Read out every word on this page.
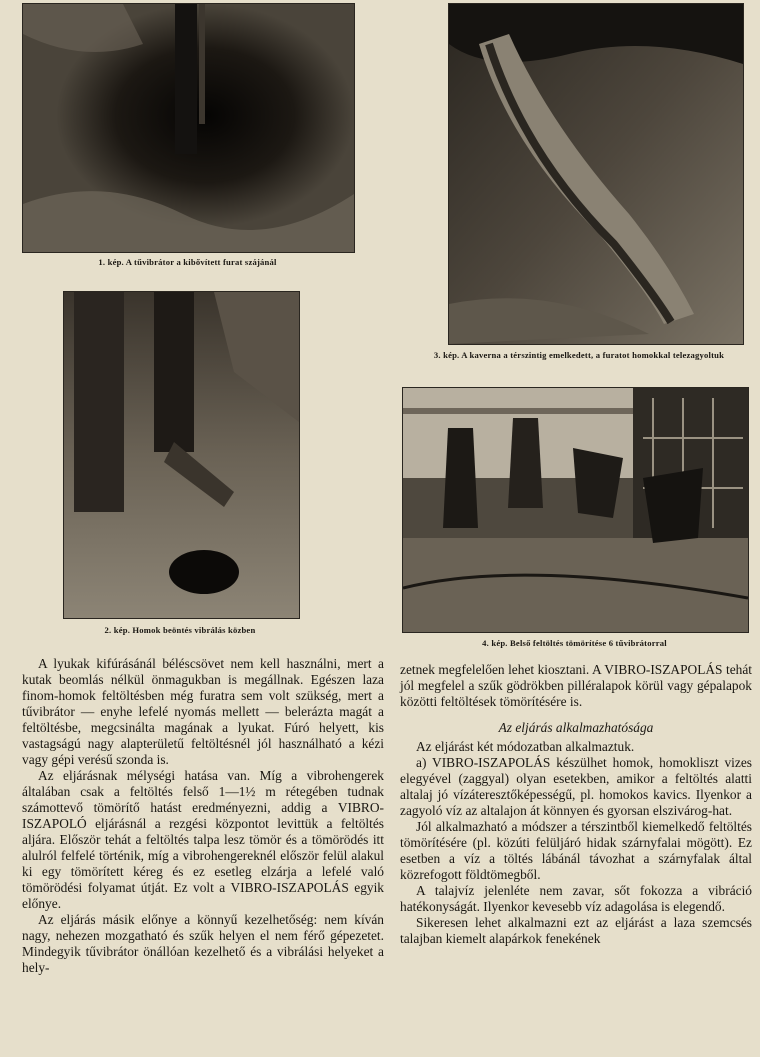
1. kép. A tűvibrátor a kibővített furat szájánál
3. kép. A kaverna a térszintig emelkedett, a furatot homokkal telezagyoltuk
2. kép. Homok beöntés vibrálás közben
4. kép. Belső feltöltés tömörítése 6 tűvibrátorral

A lyukak kifúrásánál béléscsövet nem kell használni, mert a kutak beomlás nélkül önmagukban is megállnak. Egészen laza finom-homok feltöltésben még furatra sem volt szükség, mert a tűvibrátor — enyhe lefelé nyomás mellett — belerázta magát a feltöltésbe, megcsinálta magának a lyukat. Fúró helyett, kis vastagságú nagy alapterületű feltöltésnél jól használható a kézi vagy gépi verésű szonda is.

Az eljárásnak mélységi hatása van. Míg a vibrohengerek általában csak a feltöltés felső 1—1½ m rétegében tudnak számottevő tömörítő hatást eredményezni, addig a VIBRO-ISZAPOLÓ eljárásnál a rezgési központot levittük a feltöltés aljára. Először tehát a feltöltés talpa lesz tömör és a tömörödés itt alulról felfelé történik, míg a vibrohengereknél először felül alakul ki egy tömörített kéreg és ez esetleg elzárja a lefelé való tömörödési folyamat útját. Ez volt a VIBRO-ISZAPOLÁS egyik előnye.

Az eljárás másik előnye a könnyű kezelhetőség: nem kíván nagy, nehezen mozgatható és szűk helyen el nem férő gépezetet. Mindegyik tűvibrátor önállóan kezelhető és a vibrálási helyeket a hely-

zetnek megfelelően lehet kiosztani. A VIBRO-ISZAPOLÁS tehát jól megfelel a szűk gödrökben pilléralapok körül vagy gépalapok közötti feltöltések tömörítésére is.

Az eljárás alkalmazhatósága

Az eljárást két módozatban alkalmaztuk.

a) VIBRO-ISZAPOLÁS készülhet homok, homokliszt vizes elegyével (zaggyal) olyan esetekben, amikor a feltöltés alatti altalaj jó vízáteresztőképességű, pl. homokos kavics. Ilyenkor a zagyoló víz az altalajon át könnyen és gyorsan elszivárog-hat.

Jól alkalmazható a módszer a térszintből kiemelkedő feltöltés tömörítésére (pl. közúti felüljáró hidak szárnyfalai mögött). Ez esetben a víz a töltés lábánál távozhat a szárnyfalak által közrefogott földtömegből.

A talajvíz jelenléte nem zavar, sőt fokozza a vibráció hatékonyságát. Ilyenkor kevesebb víz adagolása is elegendő.

Sikeresen lehet alkalmazni ezt az eljárást a laza szemcsés talajban kiemelt alapárkok fenekének
